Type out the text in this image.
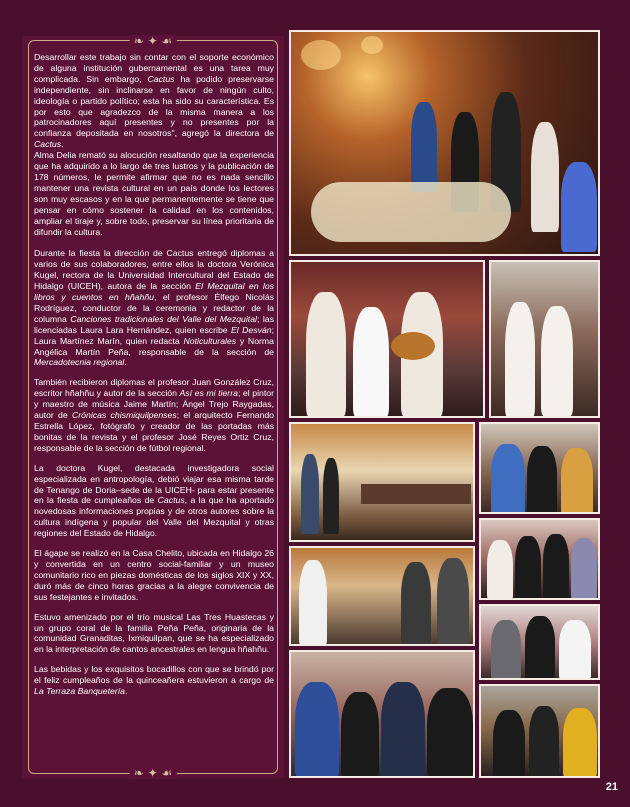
❧ ✦ ☙
❧ ✦ ☙

Desarrollar este trabajo sin contar con el soporte económico de alguna institución gubernamental es una tarea muy complicada. Sin embargo, Cactus ha podido preservarse independiente, sin inclinarse en favor de ningún culto, ideología o partido político; esta ha sido su característica. Es por esto que agradezco de la misma manera a los patrocinadores aquí presentes y no presentes por la confianza depositada en nosotros", agregó la directora de Cactus.

Alma Delia remató su alocución resaltando que la experiencia que ha adquirido a lo largo de tres lustros y la publicación de 178 números, le permite afirmar que no es nada sencillo mantener una revista cultural en un país donde los lectores son muy escasos y en la que permanentemente se tiene que pensar en cómo sostener la calidad en los contenidos, ampliar el tiraje y, sobre todo, preservar su línea prioritaria de difundir la cultura.

Durante la fiesta la dirección de Cactus entregó diplomas a varios de sus colaboradores, entre ellos la doctora Verónica Kugel, rectora de la Universidad Intercultural del Estado de Hidalgo (UICEH), autora de la sección El Mezquital en los libros y cuentos en hñahñu, el profesor Élfego Nicolás Rodríguez, conductor de la ceremonia y redactor de la columna Canciones tradicionales del Valle del Mezquital; las licenciadas Laura Lara Hernández, quien escribe El Desván; Laura Martínez Marín, quien redacta Noticulturales y Norma Angélica Martín Peña, responsable de la sección de Mercadotecnia regional.

También recibieron diplomas el profesor Juan González Cruz, escritor hñahñu y autor de la sección Así es mi tierra; el pintor y maestro de música Jaime Martín; Ángel Trejo Raygadas, autor de Crónicas chismiquilpenses; el arquitecto Fernando Estrella López, fotógrafo y creador de las portadas más bonitas de la revista y el profesor José Reyes Ortiz Cruz, responsable de la sección de fútbol regional.

La doctora Kugel, destacada investigadora social especializada en antropología, debió viajar esa misma tarde de Tenango de Doria–sede de la UICEH- para estar presente en la fiesta de cumpleaños de Cactus, a la que ha aportado novedosas informaciones propias y de otros autores sobre la cultura indígena y popular del Valle del Mezquital y otras regiones del Estado de Hidalgo.

El ágape se realizó en la Casa Chelito, ubicada en Hidalgo 26 y convertida en un centro social-familiar y un museo comunitario rico en piezas domésticas de los siglos XIX y XX, duró más de cinco horas gracias a la alegre convivencia de sus festejantes e invitados.

Estuvo amenizado por el trío musical Las Tres Huastecas y un grupo coral de la familia Peña Peña, originaria de la comunidad Granaditas, Ixmiquilpan, que se ha especializado en la interpretación de cantos ancestrales en lengua hñahñu.

Las bebidas y los exquisitos bocadillos con que se brindó por el feliz cumpleaños de la quinceañera estuvieron a cargo de La Terraza Banquetería.

21
